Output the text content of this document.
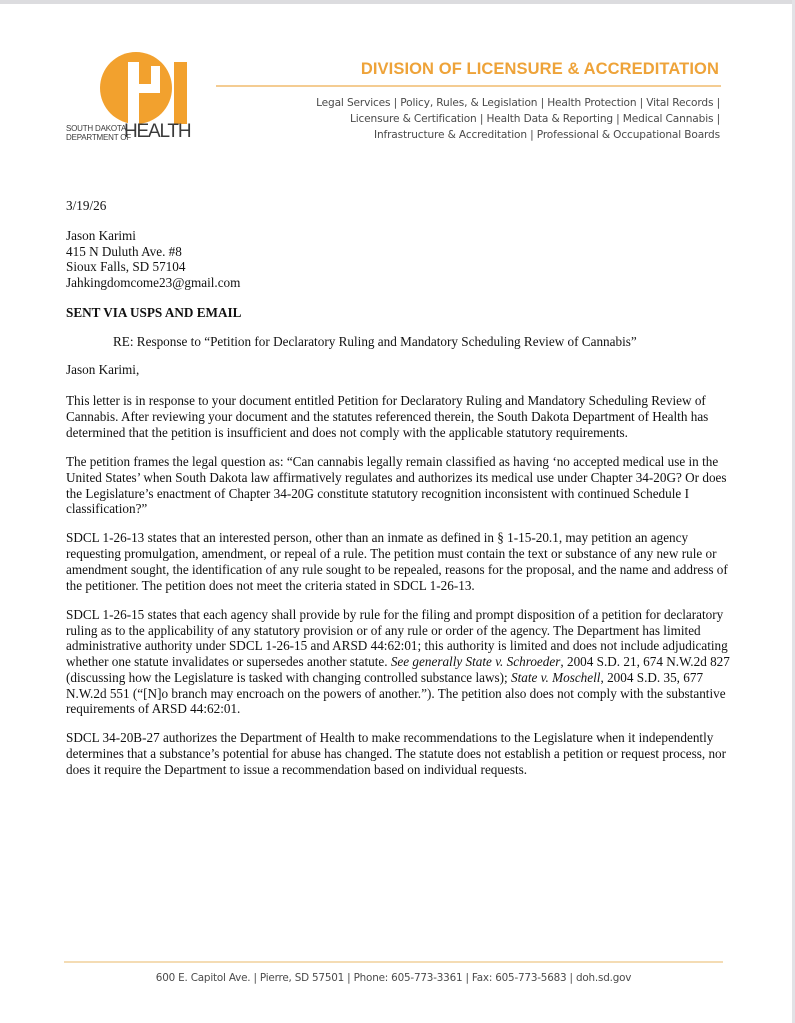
SOUTH DAKOTA
DEPARTMENT OF
HEALTH
DIVISION OF LICENSURE & ACCREDITATION
Legal Services | Policy, Rules, & Legislation | Health Protection | Vital Records |
Licensure & Certification | Health Data & Reporting | Medical Cannabis |
Infrastructure & Accreditation | Professional & Occupational Boards
3/19/26
Jason Karimi
415 N Duluth Ave. #8
Sioux Falls, SD 57104
Jahkingdomcome23@gmail.com
SENT VIA USPS AND EMAIL
RE: Response to “Petition for Declaratory Ruling and Mandatory Scheduling Review of Cannabis”
Jason Karimi,

This letter is in response to your document entitled Petition for Declaratory Ruling and Mandatory Scheduling Review of Cannabis. After reviewing your document and the statutes referenced therein, the South Dakota Department of Health has determined that the petition is insufficient and does not comply with the applicable statutory requirements.

The petition frames the legal question as: “Can cannabis legally remain classified as having ‘no accepted medical use in the United States’ when South Dakota law affirmatively regulates and authorizes its medical use under Chapter 34-20G? Or does the Legislature’s enactment of Chapter 34-20G constitute statutory recognition inconsistent with continued Schedule I classification?”

SDCL 1-26-13 states that an interested person, other than an inmate as defined in § 1-15-20.1, may petition an agency requesting promulgation, amendment, or repeal of a rule. The petition must contain the text or substance of any new rule or amendment sought, the identification of any rule sought to be repealed, reasons for the proposal, and the name and address of the petitioner. The petition does not meet the criteria stated in SDCL 1-26-13.

SDCL 1-26-15 states that each agency shall provide by rule for the filing and prompt disposition of a petition for declaratory ruling as to the applicability of any statutory provision or of any rule or order of the agency. The Department has limited administrative authority under SDCL 1-26-15 and ARSD 44:62:01; this authority is limited and does not include adjudicating whether one statute invalidates or supersedes another statute. See generally State v. Schroeder, 2004 S.D. 21, 674 N.W.2d 827 (discussing how the Legislature is tasked with changing controlled substance laws); State v. Moschell, 2004 S.D. 35, 677 N.W.2d 551 (“[N]o branch may encroach on the powers of another.”). The petition also does not comply with the substantive requirements of ARSD 44:62:01.

SDCL 34-20B-27 authorizes the Department of Health to make recommendations to the Legislature when it independently determines that a substance’s potential for abuse has changed. The statute does not establish a petition or request process, nor does it require the Department to issue a recommendation based on individual requests.

600 E. Capitol Ave. | Pierre, SD 57501 | Phone: 605-773-3361 | Fax: 605-773-5683 | doh.sd.gov
